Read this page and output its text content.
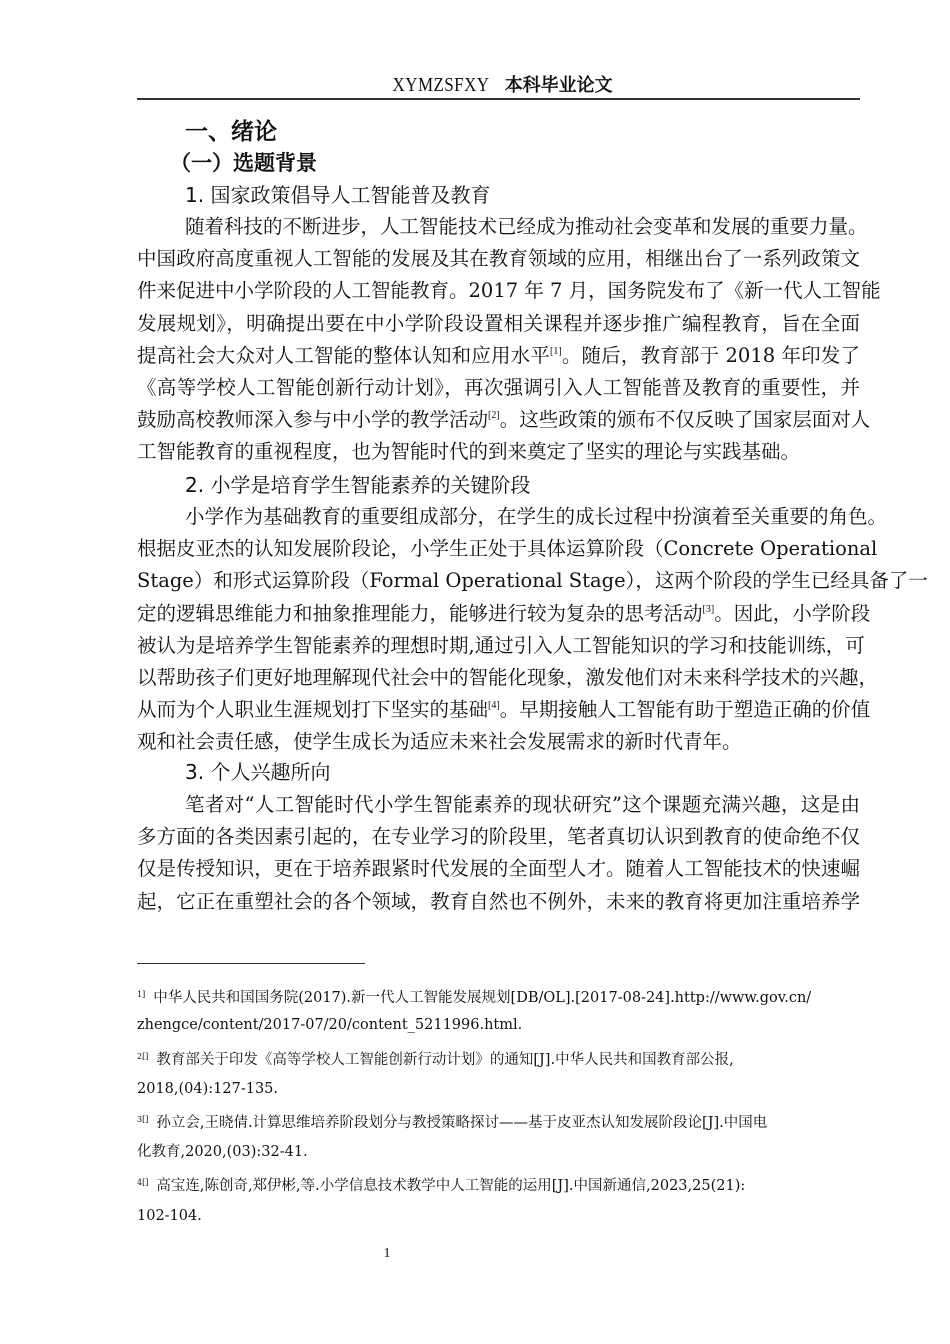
XYMZSFXY 本科毕业论文
一、绪论
（一）选题背景
1. 国家政策倡导人工智能普及教育
2. 小学是培育学生智能素养的关键阶段
3. 个人兴趣所向
随着科技的不断进步，人工智能技术已经成为推动社会变革和发展的重要力量。
中国政府高度重视人工智能的发展及其在教育领域的应用，相继出台了一系列政策文
件来促进中小学阶段的人工智能教育。2017 年 7 月，国务院发布了《新一代人工智能
发展规划》，明确提出要在中小学阶段设置相关课程并逐步推广编程教育，旨在全面
提高社会大众对人工智能的整体认知和应用水平[1]。随后，教育部于 2018 年印发了
《高等学校人工智能创新行动计划》，再次强调引入人工智能普及教育的重要性，并
鼓励高校教师深入参与中小学的教学活动[2]。这些政策的颁布不仅反映了国家层面对人
工智能教育的重视程度，也为智能时代的到来奠定了坚实的理论与实践基础。
小学作为基础教育的重要组成部分，在学生的成长过程中扮演着至关重要的角色。
根据皮亚杰的认知发展阶段论，小学生正处于具体运算阶段（Concrete Operational
Stage）和形式运算阶段（Formal Operational Stage），这两个阶段的学生已经具备了一
定的逻辑思维能力和抽象推理能力，能够进行较为复杂的思考活动[3]。因此，小学阶段
被认为是培养学生智能素养的理想时期,通过引入人工智能知识的学习和技能训练，可
以帮助孩子们更好地理解现代社会中的智能化现象，激发他们对未来科学技术的兴趣，
从而为个人职业生涯规划打下坚实的基础[4]。早期接触人工智能有助于塑造正确的价值
观和社会责任感，使学生成长为适应未来社会发展需求的新时代青年。
笔者对“人工智能时代小学生智能素养的现状研究”这个课题充满兴趣，这是由
多方面的各类因素引起的，在专业学习的阶段里，笔者真切认识到教育的使命绝不仅
仅是传授知识，更在于培养跟紧时代发展的全面型人才。随着人工智能技术的快速崛
起，它正在重塑社会的各个领域，教育自然也不例外，未来的教育将更加注重培养学
$^{1]}$ 中华人民共和国国务院(2017).新一代人工智能发展规划[DB/OL].[2017-08-24].http://www.gov.cn/
zhengce/content/2017-07/20/content_5211996.html.
$^{2[]}$ 教育部关于印发《高等学校人工智能创新行动计划》的通知[J].中华人民共和国教育部公报,
2018,(04):127-135.
$^{3[]}$ 孙立会,王晓倩.计算思维培养阶段划分与教授策略探讨——基于皮亚杰认知发展阶段论[J].中国电
化教育,2020,(03):32-41.
$^{4[]}$ 高宝连,陈创奇,郑伊彬,等.小学信息技术教学中人工智能的运用[J].中国新通信,2023,25(21):
102-104.
1
